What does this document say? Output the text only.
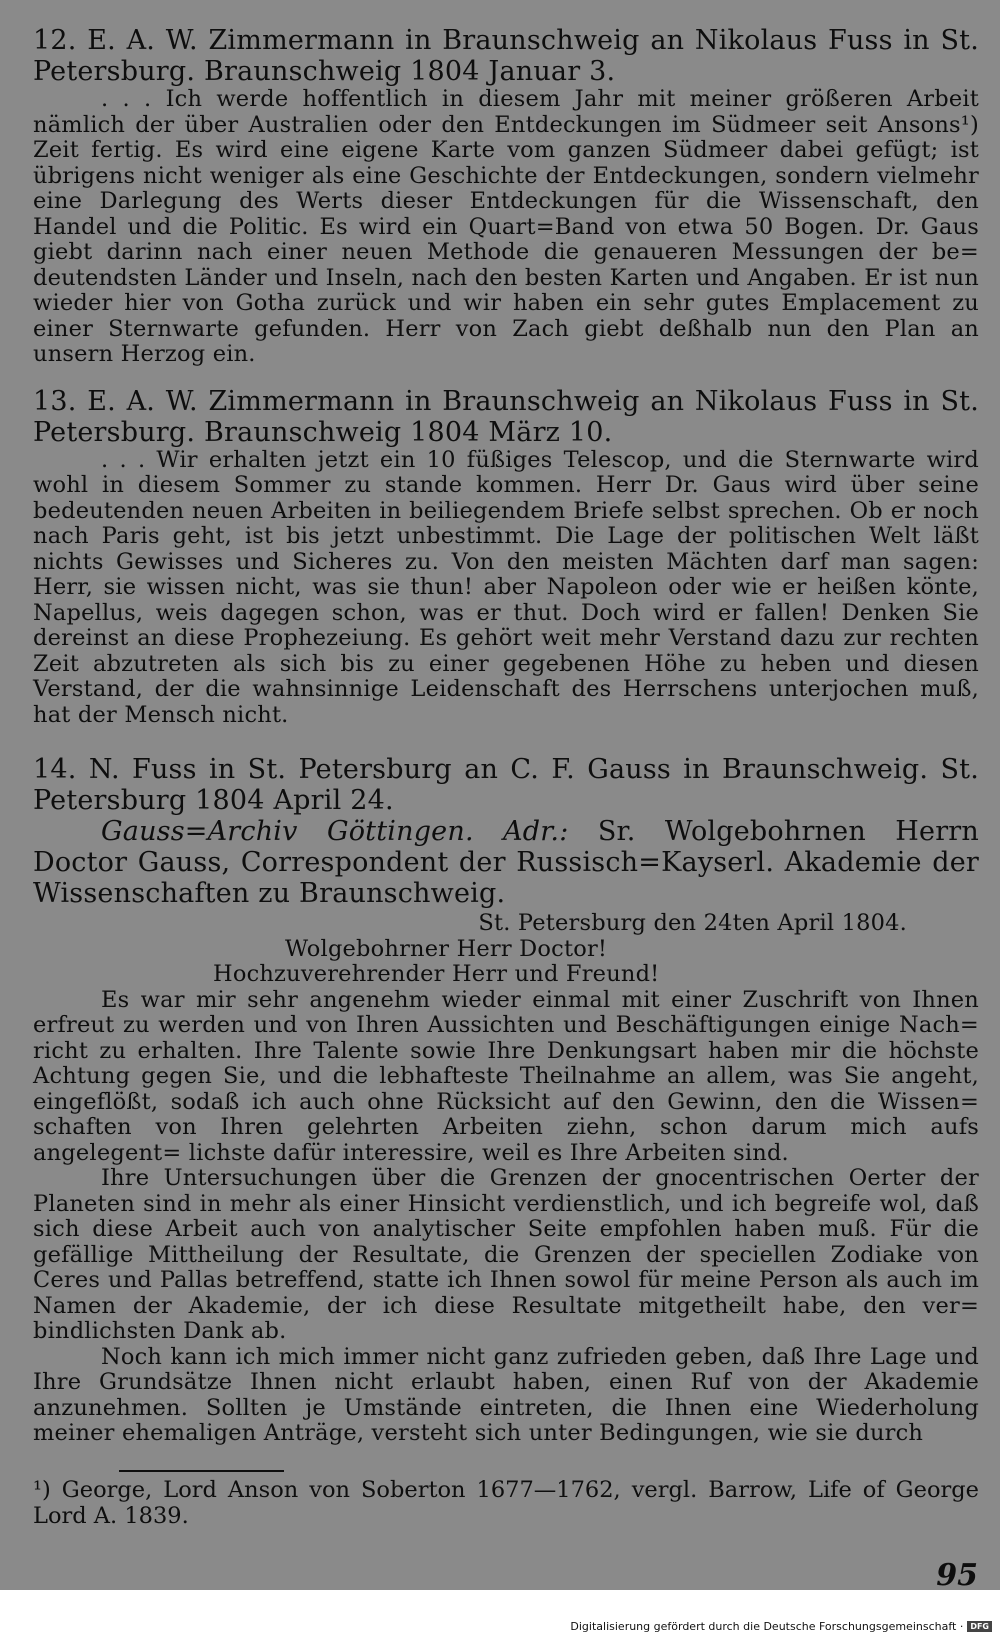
12. E. A. W. Zimmermann in Braunschweig an Nikolaus Fuss in St. Petersburg. Braunschweig 1804 Januar 3.

. . . Ich werde hoffentlich in diesem Jahr mit meiner größeren Arbeit nämlich der über Australien oder den Entdeckungen im Südmeer seit Ansons¹) Zeit fertig. Es wird eine eigene Karte vom ganzen Südmeer dabei gefügt; ist übrigens nicht weniger als eine Geschichte der Entdeckungen, sondern vielmehr eine Darlegung des Werts dieser Entdeckungen für die Wissenschaft, den Handel und die Politic. Es wird ein Quart=Band von etwa 50 Bogen. Dr. Gaus giebt darinn nach einer neuen Methode die genaueren Messungen der be= deutendsten Länder und Inseln, nach den besten Karten und Angaben. Er ist nun wieder hier von Gotha zurück und wir haben ein sehr gutes Emplacement zu einer Sternwarte gefunden. Herr von Zach giebt deßhalb nun den Plan an unsern Herzog ein.

13. E. A. W. Zimmermann in Braunschweig an Nikolaus Fuss in St. Petersburg. Braunschweig 1804 März 10.

. . . Wir erhalten jetzt ein 10 füßiges Telescop, und die Sternwarte wird wohl in diesem Sommer zu stande kommen. Herr Dr. Gaus wird über seine bedeutenden neuen Arbeiten in beiliegendem Briefe selbst sprechen. Ob er noch nach Paris geht, ist bis jetzt unbestimmt. Die Lage der politischen Welt läßt nichts Gewisses und Sicheres zu. Von den meisten Mächten darf man sagen: Herr, sie wissen nicht, was sie thun! aber Napoleon oder wie er heißen könte, Napellus, weis dagegen schon, was er thut. Doch wird er fallen! Denken Sie dereinst an diese Prophezeiung. Es gehört weit mehr Verstand dazu zur rechten Zeit abzutreten als sich bis zu einer gegebenen Höhe zu heben und diesen Verstand, der die wahnsinnige Leidenschaft des Herrschens unterjochen muß, hat der Mensch nicht.

14. N. Fuss in St. Petersburg an C. F. Gauss in Braunschweig. St. Petersburg 1804 April 24.

Gauss=Archiv Göttingen. Adr.: Sr. Wolgebohrnen Herrn Doctor Gauss, Correspondent der Russisch=Kayserl. Akademie der Wissenschaften zu Braunschweig.

St. Petersburg den 24ten April 1804.

Wolgebohrner Herr Doctor!

Hochzuverehrender Herr und Freund!

Es war mir sehr angenehm wieder einmal mit einer Zuschrift von Ihnen erfreut zu werden und von Ihren Aussichten und Beschäftigungen einige Nach= richt zu erhalten. Ihre Talente sowie Ihre Denkungsart haben mir die höchste Achtung gegen Sie, und die lebhafteste Theilnahme an allem, was Sie angeht, eingeflößt, sodaß ich auch ohne Rücksicht auf den Gewinn, den die Wissen= schaften von Ihren gelehrten Arbeiten ziehn, schon darum mich aufs angelegent= lichste dafür interessire, weil es Ihre Arbeiten sind.

Ihre Untersuchungen über die Grenzen der gnocentrischen Oerter der Planeten sind in mehr als einer Hinsicht verdienstlich, und ich begreife wol, daß sich diese Arbeit auch von analytischer Seite empfohlen haben muß. Für die gefällige Mittheilung der Resultate, die Grenzen der speciellen Zodiake von Ceres und Pallas betreffend, statte ich Ihnen sowol für meine Person als auch im Namen der Akademie, der ich diese Resultate mitgetheilt habe, den ver= bindlichsten Dank ab.

Noch kann ich mich immer nicht ganz zufrieden geben, daß Ihre Lage und Ihre Grundsätze Ihnen nicht erlaubt haben, einen Ruf von der Akademie anzunehmen. Sollten je Umstände eintreten, die Ihnen eine Wiederholung meiner ehemaligen Anträge, versteht sich unter Bedingungen, wie sie durch

¹) George, Lord Anson von Soberton 1677—1762, vergl. Barrow, Life of George Lord A. 1839.

95
Digitalisierung gefördert durch die Deutsche Forschungsgemeinschaft · DFG
